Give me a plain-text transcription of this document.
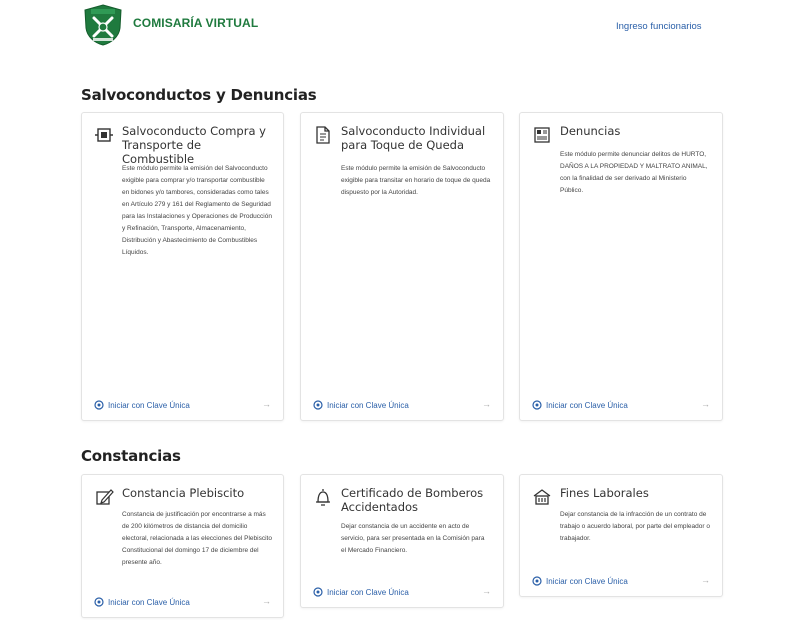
COMISARÍA VIRTUAL	Ingreso funcionarios
Salvoconductos y Denuncias
Salvoconducto Compra y Transporte de Combustible
Este módulo permite la emisión del Salvoconducto exigible para comprar y/o transportar combustible en bidones y/o tambores, consideradas como tales en Artículo 279 y 161 del Reglamento de Seguridad para las Instalaciones y Operaciones de Producción y Refinación, Transporte, Almacenamiento, Distribución y Abastecimiento de Combustibles Líquidos.
Iniciar con Clave Única	→
Salvoconducto Individual para Toque de Queda
Este módulo permite la emisión de Salvoconducto exigible para transitar en horario de toque de queda dispuesto por la Autoridad.
Iniciar con Clave Única	→
Denuncias
Este módulo permite denunciar delitos de HURTO, DAÑOS A LA PROPIEDAD Y MALTRATO ANIMAL, con la finalidad de ser derivado al Ministerio Público.
Iniciar con Clave Única	→
Constancias
Constancia Plebiscito
Constancia de justificación por encontrarse a más de 200 kilómetros de distancia del domicilio electoral, relacionada a las elecciones del Plebiscito Constitucional del domingo 17 de diciembre del presente año.
Iniciar con Clave Única	→
Certificado de Bomberos Accidentados
Dejar constancia de un accidente en acto de servicio, para ser presentada en la Comisión para el Mercado Financiero.
Iniciar con Clave Única	→
Fines Laborales
Dejar constancia de la infracción de un contrato de trabajo o acuerdo laboral, por parte del empleador o trabajador.
Iniciar con Clave Única	→
